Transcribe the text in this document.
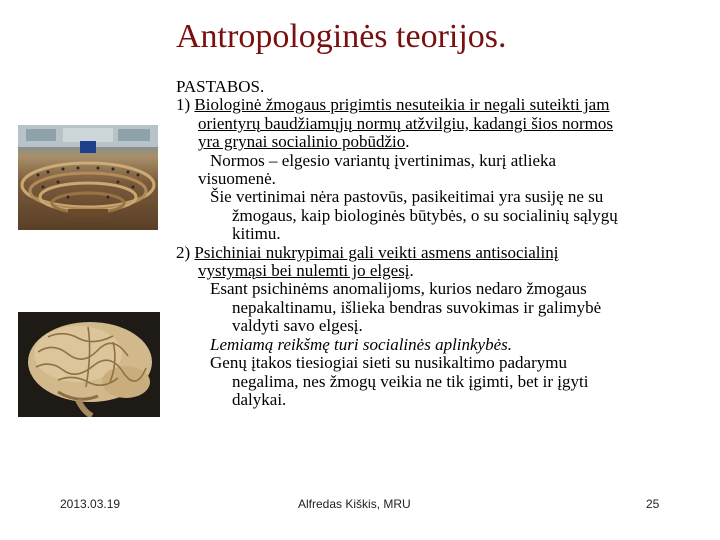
Antropologinės teorijos.

PASTABOS.

1) Biologinė žmogaus prigimtis nesuteikia ir negali suteikti jam

orientyrų baudžiamųjų normų atžvilgiu, kadangi šios normos

yra grynai socialinio pobūdžio.

Normos – elgesio variantų įvertinimas, kurį atlieka

visuomenė.

Šie vertinimai nėra pastovūs, pasikeitimai yra susiję ne su

žmogaus, kaip biologinės būtybės, o su socialinių sąlygų

kitimu.

2) Psichiniai nukrypimai gali veikti asmens antisocialinį

vystymąsi bei nulemti jo elgesį.

Esant psichinėms anomalijoms, kurios nedaro žmogaus

nepakaltinamu, išlieka bendras suvokimas ir galimybė

valdyti savo elgesį.

Lemiamą reikšmę turi socialinės aplinkybės.

Genų įtakos tiesiogiai sieti su nusikaltimo padarymu

negalima, nes žmogų veikia ne tik įgimti, bet ir įgyti

dalykai.

2013.03.19	Alfredas Kiškis, MRU	25
